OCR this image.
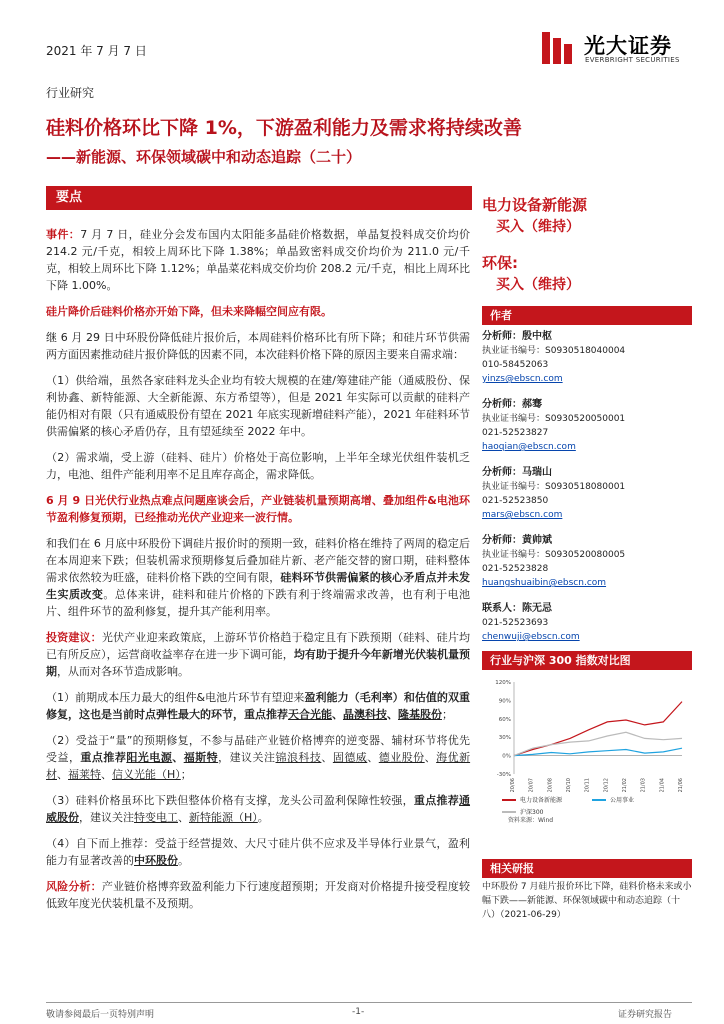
2021 年 7 月 7 日	光大证券
EVERBRIGHT SECURITIES
行业研究
硅料价格环比下降 1%，下游盈利能力及需求将持续改善
——新能源、环保领域碳中和动态追踪（二十）
要点

事件：7 月 7 日，硅业分会发布国内太阳能多晶硅价格数据，单晶复投料成交价均价 214.2 元/千克，相较上周环比下降 1.38%；单晶致密料成交价均价为 211.0 元/千克，相较上周环比下降 1.12%；单晶菜花料成交价均价 208.2 元/千克，相比上周环比下降 1.00%。

硅片降价后硅料价格亦开始下降，但未来降幅空间应有限。

继 6 月 29 日中环股份降低硅片报价后，本周硅料价格环比有所下降；和硅片环节供需两方面因素推动硅片报价降低的因素不同，本次硅料价格下降的原因主要来自需求端：

（1）供给端，虽然各家硅料龙头企业均有较大规模的在建/筹建硅产能（通威股份、保利协鑫、新特能源、大全新能源、东方希望等），但是 2021 年实际可以贡献的硅料产能仍相对有限（只有通威股份有望在 2021 年底实现新增硅料产能），2021 年硅料环节供需偏紧的核心矛盾仍存，且有望延续至 2022 年中。

（2）需求端，受上游（硅料、硅片）价格处于高位影响，上半年全球光伏组件装机乏力，电池、组件产能利用率不足且库存高企，需求降低。

6 月 9 日光伏行业热点难点问题座谈会后，产业链装机量预期高增、叠加组件&电池环节盈利修复预期，已经推动光伏产业迎来一波行情。

和我们在 6 月底中环股份下调硅片报价时的预期一致，硅料价格在维持了两周的稳定后在本周迎来下跌；但装机需求预期修复后叠加硅片新、老产能交替的窗口期，硅料整体需求依然较为旺盛，硅料价格下跌的空间有限，硅料环节供需偏紧的核心矛盾点并未发生实质改变。总体来讲，硅料和硅片价格的下跌有利于终端需求改善，也有利于电池片、组件环节的盈利修复，提升其产能利用率。

投资建议：光伏产业迎来政策底，上游环节价格趋于稳定且有下跌预期（硅料、硅片均已有所反应），运营商收益率存在进一步下调可能，均有助于提升今年新增光伏装机量预期，从而对各环节造成影响。

（1）前期成本压力最大的组件&电池片环节有望迎来盈利能力（毛利率）和估值的双重修复，这也是当前时点弹性最大的环节，重点推荐天合光能、晶澳科技、隆基股份；

（2）受益于“量”的预期修复，不参与晶硅产业链价格博弈的逆变器、辅材环节将优先受益，重点推荐阳光电源、福斯特，建议关注锦浪科技、固德威、德业股份、海优新材、福莱特、信义光能（H）；

（3）硅料价格虽环比下跌但整体价格有支撑，龙头公司盈利保障性较强，重点推荐通威股份，建议关注特变电工、新特能源（H）。

（4）自下而上推荐：受益于经营提效、大尺寸硅片供不应求及半导体行业景气，盈利能力有显著改善的中环股份。

风险分析：产业链价格博弈致盈利能力下行速度超预期；开发商对价格提升接受程度较低致年度光伏装机量不及预期。

电力设备新能源
买入（维持）
环保:
买入（维持）
作者
分析师：殷中枢
执业证书编号：S0930518040004
010-58452063
yinzs@ebscn.com
分析师：郝骞
执业证书编号：S0930520050001
021-52523827
haoqian@ebscn.com
分析师：马瑞山
执业证书编号：S0930518080001
021-52523850
mars@ebscn.com
分析师：黄帅斌
执业证书编号：S0930520080005
021-52523828
huangshuaibin@ebscn.com
联系人：陈无忌
021-52523693
chenwuji@ebscn.com
行业与沪深 300 指数对比图
120%
90%
60%
30%
0%
-30%
20/06	20/07	20/08	20/10	20/11	20/12	21/02	21/03	21/04	21/06
电力设备新能源	公用事业
沪深300
资料来源：Wind
相关研报
中环股份 7 月硅片报价环比下降，硅料价格未来或小幅下跌——新能源、环保领域碳中和动态追踪（十八）（2021-06-29）
敬请参阅最后一页特别声明	-1-	证券研究报告
